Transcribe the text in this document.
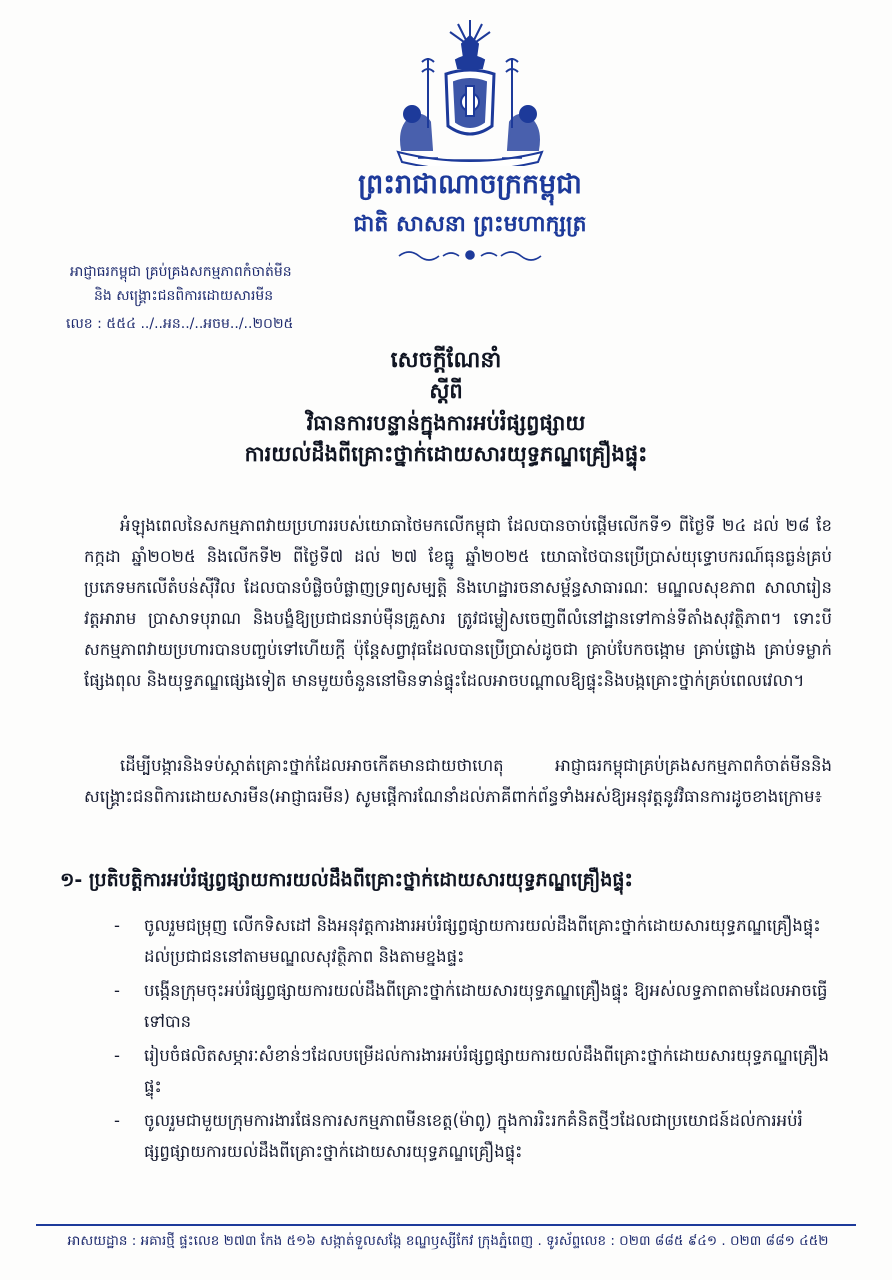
ព្រះរាជាណាចក្រកម្ពុជា
ជាតិ សាសនា ព្រះមហាក្សត្រ
អាជ្ញាធរកម្ពុជា គ្រប់គ្រងសកម្មភាពកំចាត់មីន
និង សង្គ្រោះជនពិការដោយសារមីន
លេខ : ៥៥៤ ../..អន../..អចម../..២០២៥
សេចក្តីណែនាំ
ស្តីពី
វិធានការបន្ទាន់ក្នុងការអប់រំផ្សព្វផ្សាយ
ការយល់ដឹងពីគ្រោះថ្នាក់ដោយសារយុទ្ធភណ្ឌគ្រឿងផ្ទុះ

អំឡុងពេលនៃសកម្មភាពវាយប្រហាររបស់យោធាថៃមកលើកម្ពុជា ដែលបានចាប់ផ្តើមលើកទី១ ពីថ្ងៃទី ២៤ ដល់ ២៨ ខែកក្កដា ឆ្នាំ២០២៥ និងលើកទី២ ពីថ្ងៃទី៧ ដល់ ២៧ ខែធ្នូ ឆ្នាំ២០២៥ យោធាថៃបានប្រើប្រាស់យុទ្ធោបករណ៍ធុនធ្ងន់គ្រប់ប្រភេទមកលើតំបន់ស៊ីវិល ដែលបានបំផ្លិចបំផ្លាញទ្រព្យសម្បត្តិ និងហេដ្ឋារចនាសម្ព័ន្ធសាធារណៈ មណ្ឌលសុខភាព សាលារៀន វត្តអារាម ប្រាសាទបុរាណ និងបង្ខំឱ្យប្រជាជនរាប់ម៉ឺនគ្រួសារ ត្រូវជម្លៀសចេញពីលំនៅដ្ឋានទៅកាន់ទីតាំងសុវត្ថិភាព។ ទោះបីសកម្មភាពវាយប្រហារបានបញ្ចប់ទៅហើយក្តី ប៉ុន្តែសព្វាវុធដែលបានប្រើប្រាស់ដូចជា គ្រាប់បែកចង្កោម គ្រាប់ផ្លោង គ្រាប់ទម្លាក់ ផ្សែងពុល និងយុទ្ធភណ្ឌផ្សេងទៀត មានមួយចំនួននៅមិនទាន់ផ្ទុះដែលអាចបណ្តាលឱ្យផ្ទុះនិងបង្កគ្រោះថ្នាក់គ្រប់ពេលវេលា។

ដើម្បីបង្ការនិងទប់ស្កាត់គ្រោះថ្នាក់ដែលអាចកើតមានជាយថាហេតុ អាជ្ញាធរកម្ពុជាគ្រប់គ្រងសកម្មភាពកំចាត់មីននិងសង្គ្រោះជនពិការដោយសារមីន(អាជ្ញាធរមីន) សូមផ្តើការណែនាំដល់ភាគីពាក់ព័ន្ធទាំងអស់ឱ្យអនុវត្តនូវវិធានការដូចខាងក្រោម៖

១- ប្រតិបត្តិការអប់រំផ្សព្វផ្សាយការយល់ដឹងពីគ្រោះថ្នាក់ដោយសារយុទ្ធភណ្ឌគ្រឿងផ្ទុះ
- ចូលរួមជម្រុញ លើកទិសដៅ និងអនុវត្តការងារអប់រំផ្សព្វផ្សាយការយល់ដឹងពីគ្រោះថ្នាក់ដោយសារយុទ្ធភណ្ឌគ្រឿងផ្ទុះដល់ប្រជាជននៅតាមមណ្ឌលសុវត្ថិភាព និងតាមខ្នងផ្ទះ
- បង្កើនក្រុមចុះអប់រំផ្សព្វផ្សាយការយល់ដឹងពីគ្រោះថ្នាក់ដោយសារយុទ្ធភណ្ឌគ្រឿងផ្ទុះ ឱ្យអស់លទ្ធភាពតាមដែលអាចធ្វើទៅបាន
- រៀបចំផលិតសម្ភារៈសំខាន់ៗដែលបម្រើដល់ការងារអប់រំផ្សព្វផ្សាយការយល់ដឹងពីគ្រោះថ្នាក់ដោយសារយុទ្ធភណ្ឌគ្រឿងផ្ទុះ
- ចូលរួមជាមួយក្រុមការងារផែនការសកម្មភាពមីនខេត្ត(ម៉ាពូ) ក្នុងការរិះរកគំនិតថ្មីៗដែលជាប្រយោជន៍ដល់ការអប់រំផ្សព្វផ្សាយការយល់ដឹងពីគ្រោះថ្នាក់ដោយសារយុទ្ធភណ្ឌគ្រឿងផ្ទុះ
អាសយដ្ឋាន : អគារថ្មី ផ្ទះលេខ ២៧៣ កែង ៥១៦ សង្កាត់ទួលសង្កែ ខណ្ឌឫស្សីកែវ ក្រុងភ្នំពេញ . ទូរស័ព្ទលេខ : ០២៣ ៨៨៥ ៩៤១ . ០២៣ ៨៨១ ៤៥២
